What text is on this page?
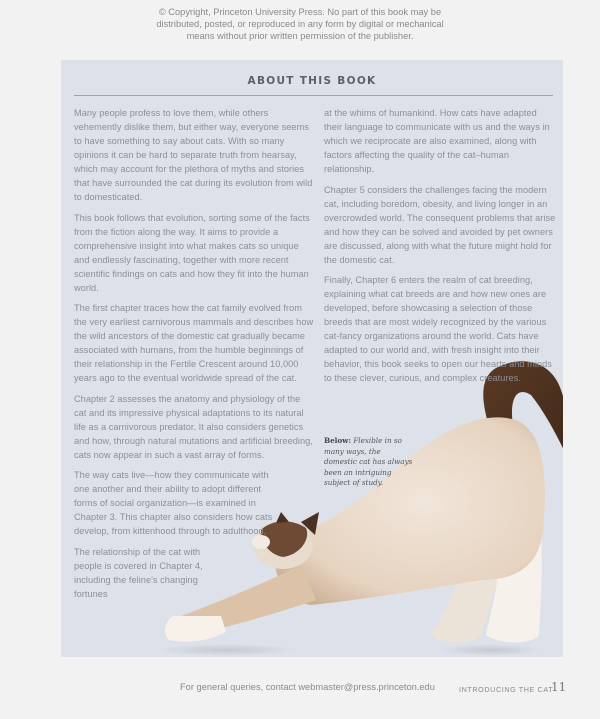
© Copyright, Princeton University Press. No part of this book may be
distributed, posted, or reproduced in any form by digital or mechanical
means without prior written permission of the publisher.
ABOUT THIS BOOK

Many people profess to love them, while others vehemently dislike them, but either way, everyone seems to have something to say about cats. With so many opinions it can be hard to separate truth from hearsay, which may account for the plethora of myths and stories that have surrounded the cat during its evolution from wild to domesticated.

This book follows that evolution, sorting some of the facts from the fiction along the way. It aims to provide a comprehensive insight into what makes cats so unique and endlessly fascinating, together with more recent scientific findings on cats and how they fit into the human world.

The first chapter traces how the cat family evolved from the very earliest carnivorous mammals and describes how the wild ancestors of the domestic cat gradually became associated with humans, from the humble beginnings of their relationship in the Fertile Crescent around 10,000 years ago to the eventual worldwide spread of the cat.

Chapter 2 assesses the anatomy and physiology of the cat and its impressive physical adaptations to its natural life as a carnivorous predator. It also considers genetics and how, through natural mutations and artificial breeding, cats now appear in such a vast array of forms.

The way cats live—how they communicate with one another and their ability to adopt different forms of social organization—is examined in Chapter 3. This chapter also considers how cats develop, from kittenhood through to adulthood.

The relationship of the cat with people is covered in Chapter 4, including the feline's changing fortunes

at the whims of humankind. How cats have adapted their language to communicate with us and the ways in which we reciprocate are also examined, along with factors affecting the quality of the cat–human relationship.

Chapter 5 considers the challenges facing the modern cat, including boredom, obesity, and living longer in an overcrowded world. The consequent problems that arise and how they can be solved and avoided by pet owners are discussed, along with what the future might hold for the domestic cat.

Finally, Chapter 6 enters the realm of cat breeding, explaining what cat breeds are and how new ones are developed, before showcasing a selection of those breeds that are most widely recognized by the various cat-fancy organizations around the world. Cats have adapted to our world and, with fresh insight into their behavior, this book seeks to open our hearts and minds to these clever, curious, and complex creatures.

Below: Flexible in so many ways, the domestic cat has always been an intriguing subject of study.
For general queries, contact webmaster@press.princeton.edu	INTRODUCING THE CAT
11
